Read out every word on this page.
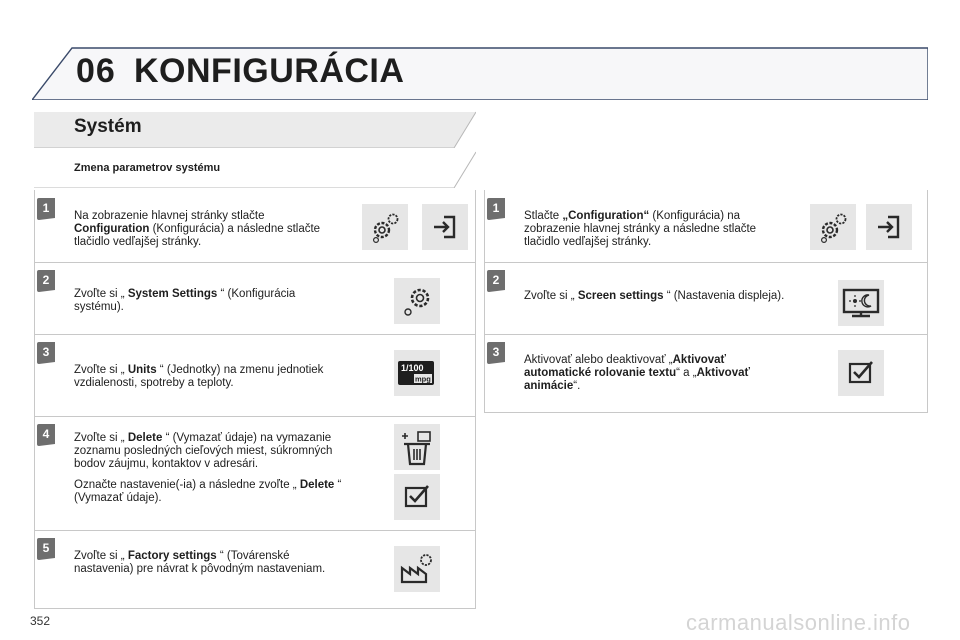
06 KONFIGURÁCIA
Systém
Zmena parametrov systému
1

Na zobrazenie hlavnej stránky stlačte Configuration (Konfigurácia) a následne stlačte tlačidlo vedľajšej stránky.

2

Zvoľte si „ System Settings “ (Konfigurácia systému).

3

Zvoľte si „ Units “ (Jednotky) na zmenu jednotiek vzdialenosti, spotreby a teploty.

1/100
mpg
4	Zvoľte si „ Delete “ (Vymazať údaje) na vymazanie zoznamu posledných cieľových miest, súkromných bodov záujmu, kontaktov v adresári.

Označte nastavenie(-ia) a následne zvoľte „ Delete “ (Vymazať údaje).

5

Zvoľte si „ Factory settings “ (Továrenské nastavenia) pre návrat k pôvodným nastaveniam.

1

Stlačte „Configuration“ (Konfigurácia) na zobrazenie hlavnej stránky a následne stlačte tlačidlo vedľajšej stránky.

2

Zvoľte si „ Screen settings “ (Nastavenia displeja).

3

Aktivovať alebo deaktivovať „Aktivovať automatické rolovanie textu“ a „Aktivovať animácie“.

352	carmanualsonline.info
